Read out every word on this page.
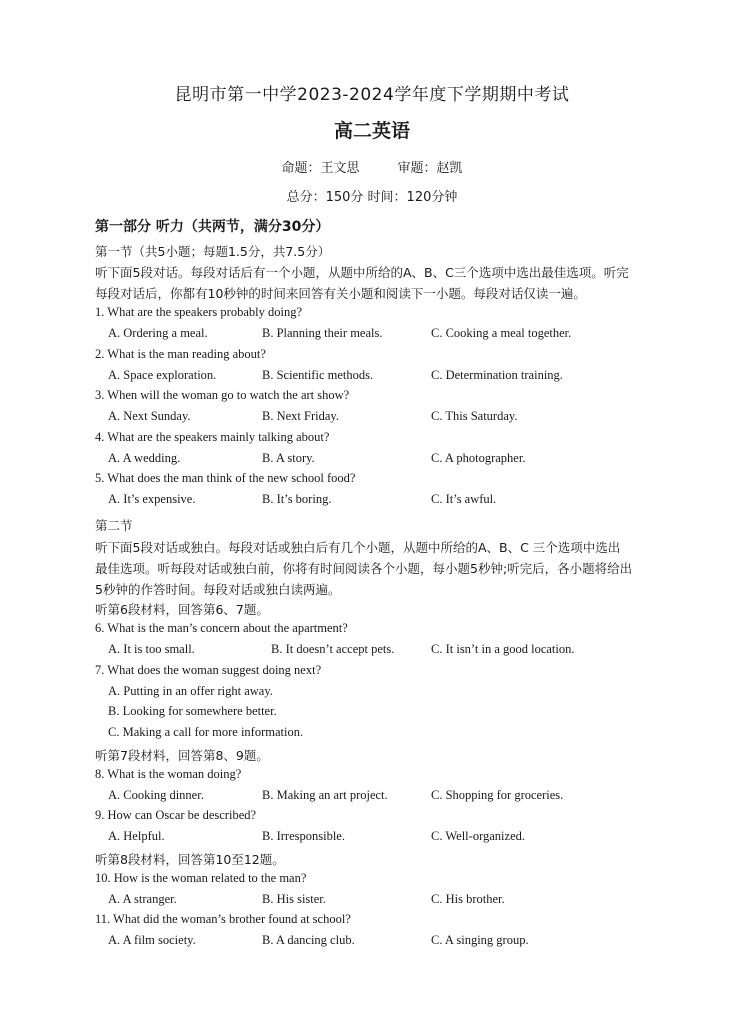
昆明市第一中学2023-2024学年度下学期期中考试
高二英语
命题：王文思	审题：赵凯
总分：150分 时间：120分钟
第一部分 听力（共两节，满分30分）
第一节（共5小题；每题1.5分，共7.5分）
听下面5段对话。每段对话后有一个小题，从题中所给的A、B、C三个选项中选出最佳选项。听完
每段对话后，你都有10秒钟的时间来回答有关小题和阅读下一小题。每段对话仅读一遍。
1. What are the speakers probably doing?
A. Ordering a meal.	B. Planning their meals.	C. Cooking a meal together.
2. What is the man reading about?
A. Space exploration.	B. Scientific methods.	C. Determination training.
3. When will the woman go to watch the art show?
A. Next Sunday.	B. Next Friday.	C. This Saturday.
4. What are the speakers mainly talking about?
A. A wedding.	B. A story.	C. A photographer.
5. What does the man think of the new school food?
A. It’s expensive.	B. It’s boring.	C. It’s awful.
第二节
听下面5段对话或独白。每段对话或独白后有几个小题，从题中所给的A、B、C 三个选项中选出
最佳选项。听每段对话或独白前，你将有时间阅读各个小题，每小题5秒钟;听完后，各小题将给出
5秒钟的作答时间。每段对话或独白读两遍。
听第6段材料，回答第6、7题。
6. What is the man’s concern about the apartment?
A. It is too small.	B. It doesn’t accept pets.	C. It isn’t in a good location.
7. What does the woman suggest doing next?
A. Putting in an offer right away.
B. Looking for somewhere better.
C. Making a call for more information.
听第7段材料，回答第8、9题。
8. What is the woman doing?
A. Cooking dinner.	B. Making an art project.	C. Shopping for groceries.
9. How can Oscar be described?
A. Helpful.	B. Irresponsible.	C. Well-organized.
听第8段材料，回答第10至12题。
10. How is the woman related to the man?
A. A stranger.	B. His sister.	C. His brother.
11. What did the woman’s brother found at school?
A. A film society.	B. A dancing club.	C. A singing group.
